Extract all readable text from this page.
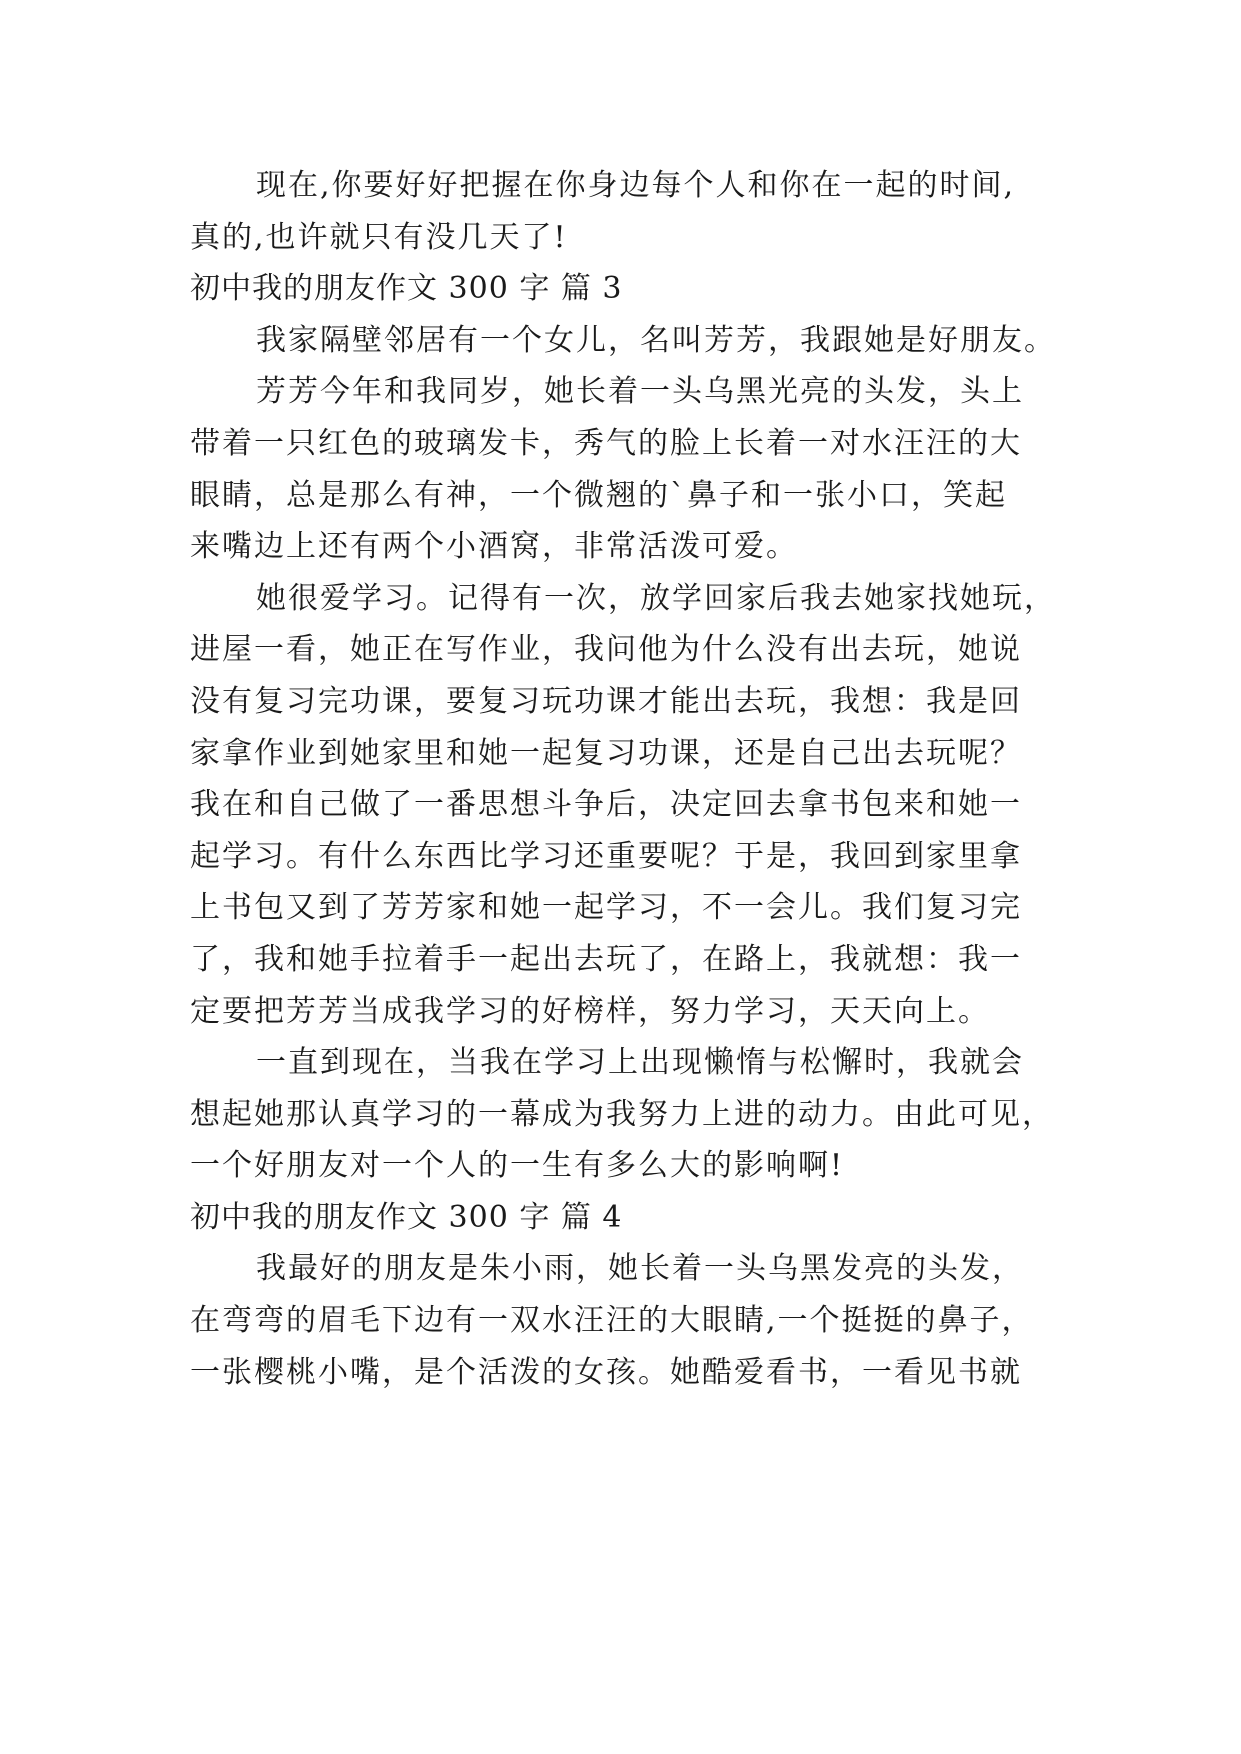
现在,你要好好把握在你身边每个人和你在一起的时间,
真的,也许就只有没几天了!
初中我的朋友作文 300 字 篇 3
我家隔壁邻居有一个女儿，名叫芳芳，我跟她是好朋友。
芳芳今年和我同岁，她长着一头乌黑光亮的头发，头上
带着一只红色的玻璃发卡，秀气的脸上长着一对水汪汪的大
眼睛，总是那么有神，一个微翘的`鼻子和一张小口，笑起
来嘴边上还有两个小酒窝，非常活泼可爱。
她很爱学习。记得有一次，放学回家后我去她家找她玩，
进屋一看，她正在写作业，我问他为什么没有出去玩，她说
没有复习完功课，要复习玩功课才能出去玩，我想：我是回
家拿作业到她家里和她一起复习功课，还是自己出去玩呢？
我在和自己做了一番思想斗争后，决定回去拿书包来和她一
起学习。有什么东西比学习还重要呢？于是，我回到家里拿
上书包又到了芳芳家和她一起学习，不一会儿。我们复习完
了，我和她手拉着手一起出去玩了，在路上，我就想：我一
定要把芳芳当成我学习的好榜样，努力学习，天天向上。
一直到现在，当我在学习上出现懒惰与松懈时，我就会
想起她那认真学习的一幕成为我努力上进的动力。由此可见，
一个好朋友对一个人的一生有多么大的影响啊!
初中我的朋友作文 300 字 篇 4
我最好的朋友是朱小雨，她长着一头乌黑发亮的头发，
在弯弯的眉毛下边有一双水汪汪的大眼睛,一个挺挺的鼻子，
一张樱桃小嘴，是个活泼的女孩。她酷爱看书，一看见书就
